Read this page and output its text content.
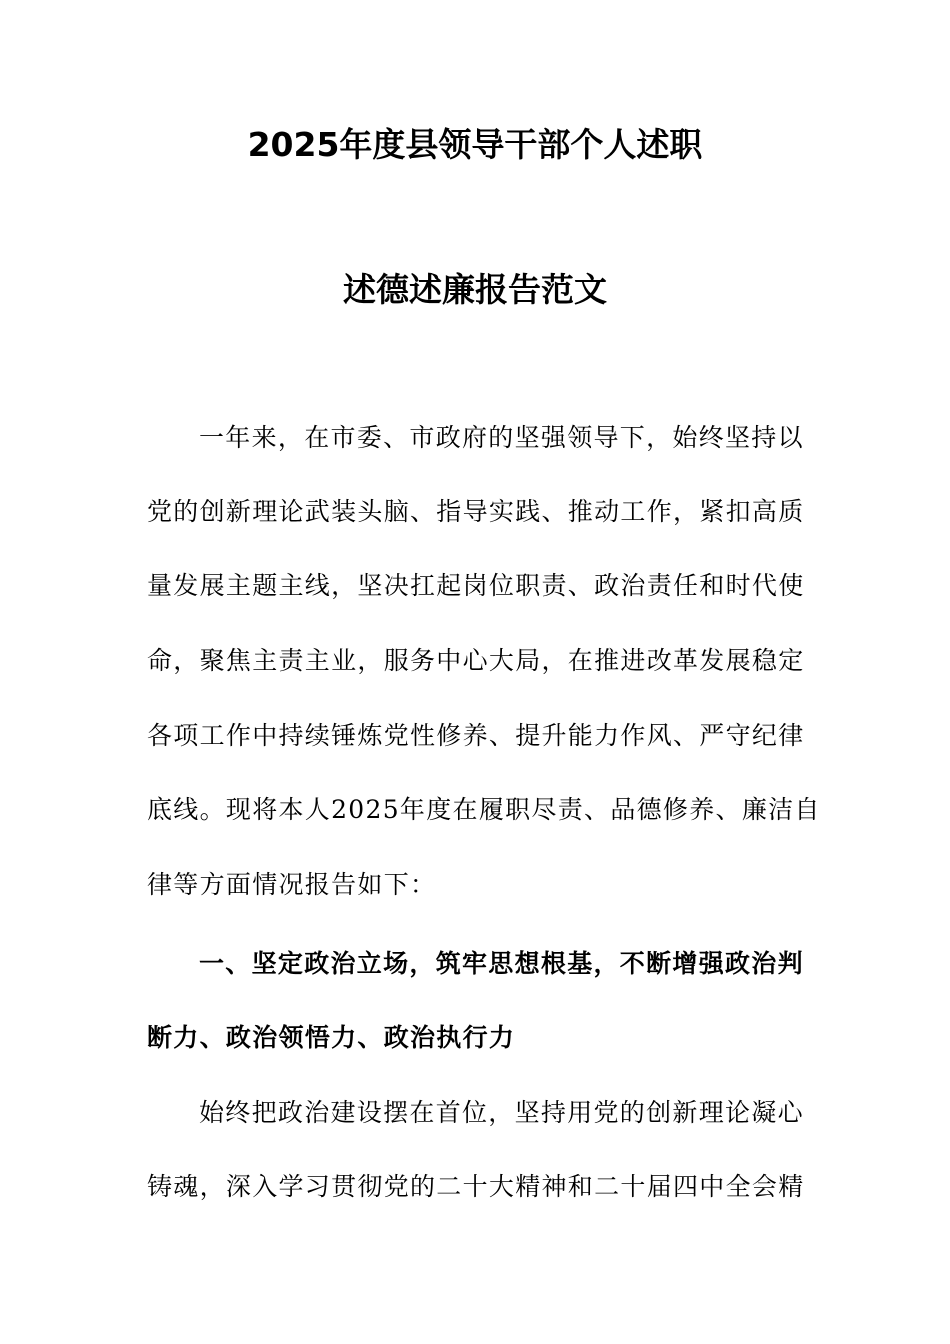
2025年度县领导干部个人述职
述德述廉报告范文
一年来，在市委、市政府的坚强领导下，始终坚持以
党的创新理论武装头脑、指导实践、推动工作，紧扣高质
量发展主题主线，坚决扛起岗位职责、政治责任和时代使
命，聚焦主责主业，服务中心大局，在推进改革发展稳定
各项工作中持续锤炼党性修养、提升能力作风、严守纪律
底线。现将本人2025年度在履职尽责、品德修养、廉洁自
律等方面情况报告如下：
一、坚定政治立场，筑牢思想根基，不断增强政治判
断力、政治领悟力、政治执行力
始终把政治建设摆在首位，坚持用党的创新理论凝心
铸魂，深入学习贯彻党的二十大精神和二十届四中全会精
